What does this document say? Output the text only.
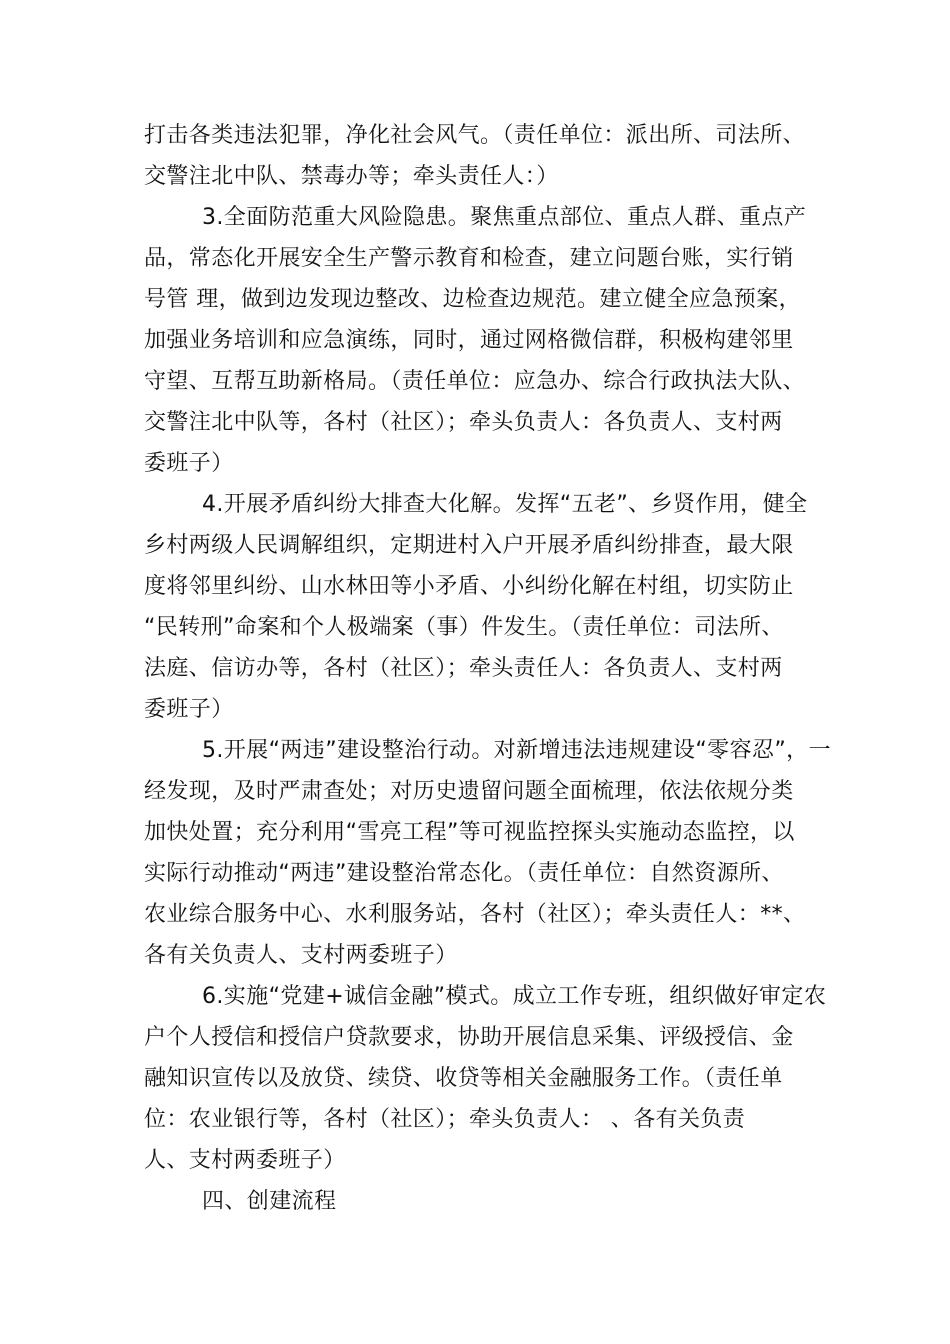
打击各类违法犯罪，净化社会风气。（责任单位：派出所、司法所、
交警注北中队、禁毒办等；牵头责任人：）
3.全面防范重大风险隐患。聚焦重点部位、重点人群、重点产
品，常态化开展安全生产警示教育和检查，建立问题台账，实行销
号管 理，做到边发现边整改、边检查边规范。建立健全应急预案，
加强业务培训和应急演练，同时，通过网格微信群，积极构建邻里
守望、互帮互助新格局。（责任单位：应急办、综合行政执法大队、
交警注北中队等，各村（社区）；牵头负责人：各负责人、支村两
委班子）
4.开展矛盾纠纷大排查大化解。发挥“五老”、乡贤作用，健全
乡村两级人民调解组织，定期进村入户开展矛盾纠纷排查，最大限
度将邻里纠纷、山水林田等小矛盾、小纠纷化解在村组，切实防止
“民转刑”命案和个人极端案（事）件发生。（责任单位：司法所、
法庭、信访办等，各村（社区）；牵头责任人：各负责人、支村两
委班子）
5.开展“两违”建设整治行动。对新增违法违规建设“零容忍”，一
经发现，及时严肃查处；对历史遗留问题全面梳理，依法依规分类
加快处置；充分利用“雪亮工程”等可视监控探头实施动态监控，以
实际行动推动“两违”建设整治常态化。（责任单位：自然资源所、
农业综合服务中心、水利服务站，各村（社区）；牵头责任人：**、
各有关负责人、支村两委班子）
6.实施“党建+诚信金融”模式。成立工作专班，组织做好审定农
户个人授信和授信户贷款要求，协助开展信息采集、评级授信、金
融知识宣传以及放贷、续贷、收贷等相关金融服务工作。（责任单
位：农业银行等，各村（社区）；牵头负责人： 、各有关负责
人、支村两委班子）
四、创建流程
